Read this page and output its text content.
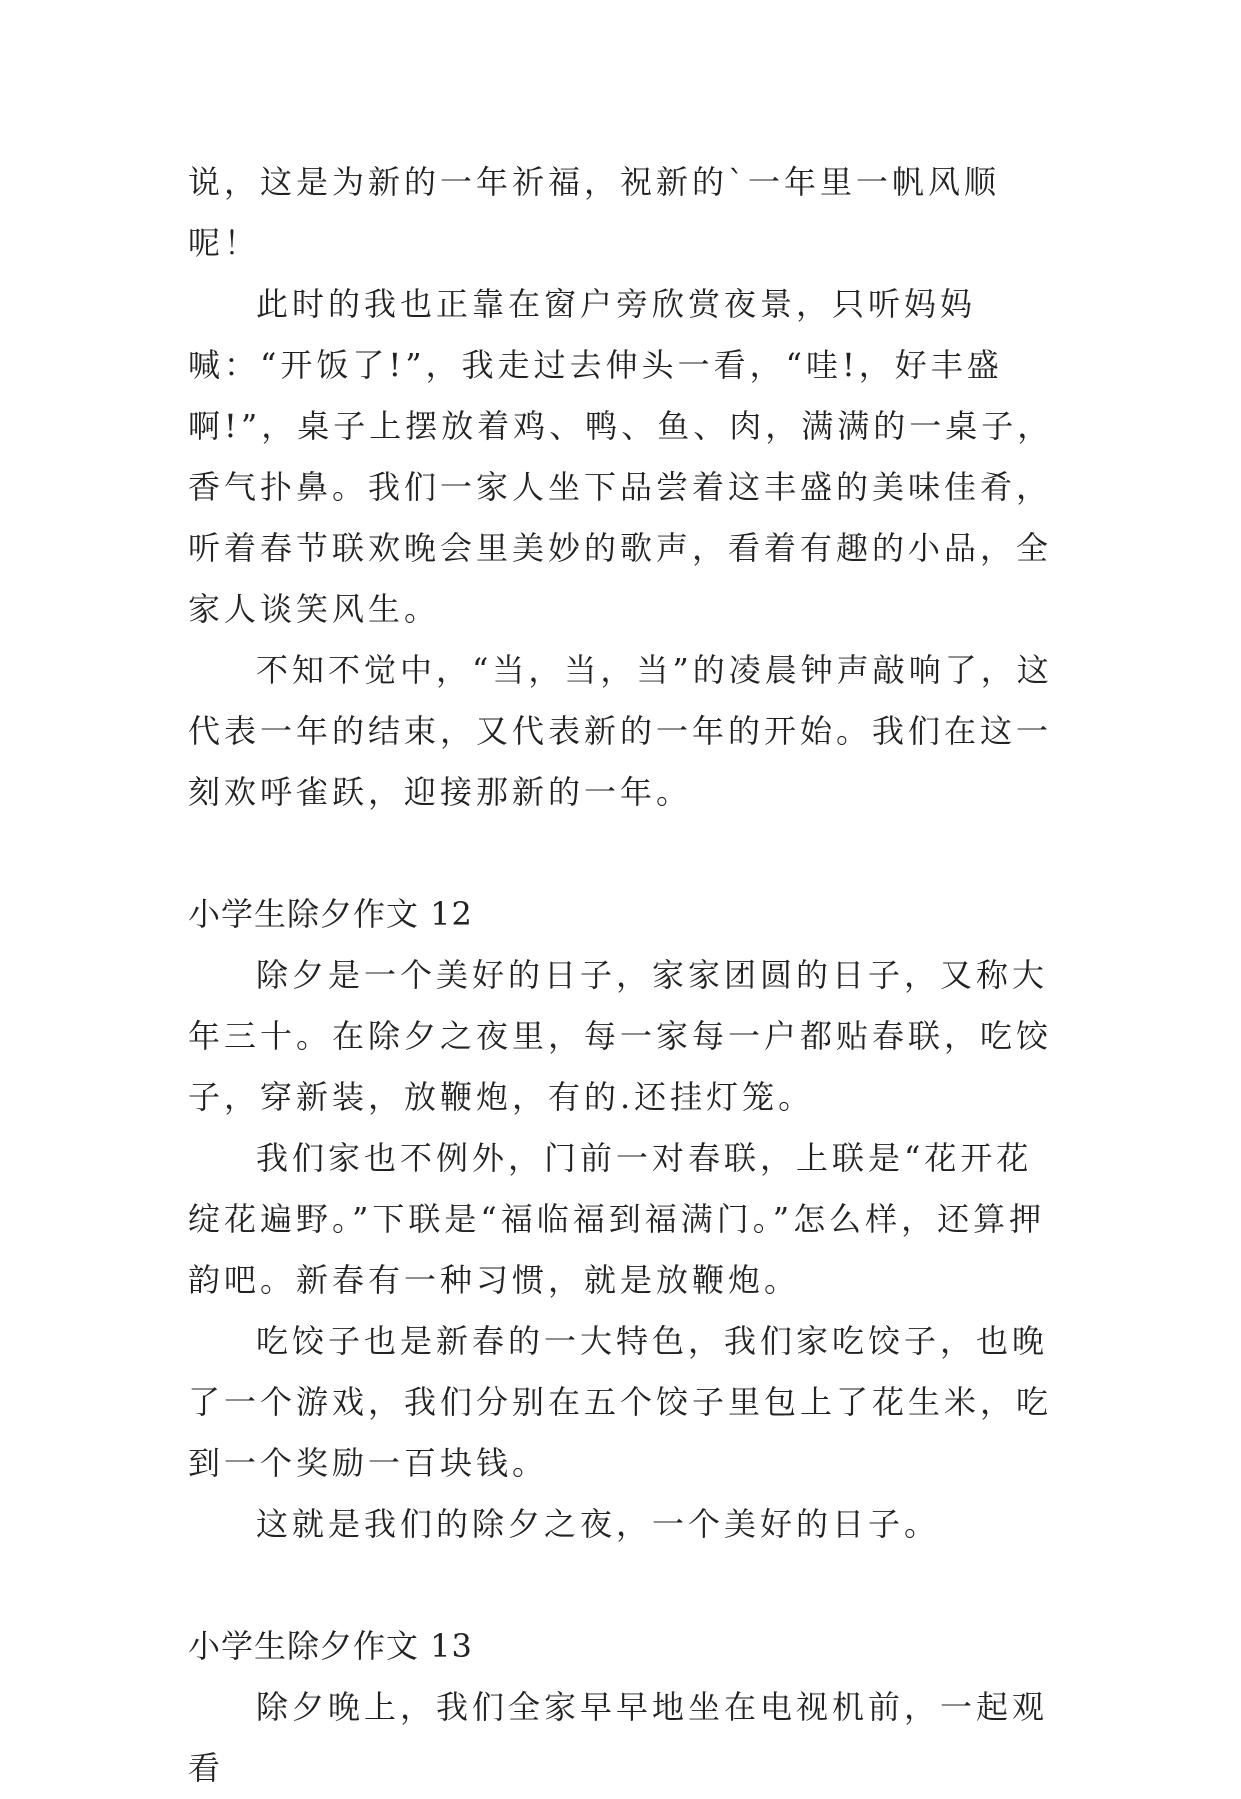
说，这是为新的一年祈福，祝新的`一年里一帆风顺呢！

此时的我也正靠在窗户旁欣赏夜景，只听妈妈喊：“开饭了!”，我走过去伸头一看，“哇!，好丰盛啊!”，桌子上摆放着鸡、鸭、鱼、肉，满满的一桌子，香气扑鼻。我们一家人坐下品尝着这丰盛的美味佳肴，听着春节联欢晚会里美妙的歌声，看着有趣的小品，全家人谈笑风生。

不知不觉中，“当，当，当”的凌晨钟声敲响了，这代表一年的结束，又代表新的一年的开始。我们在这一刻欢呼雀跃，迎接那新的一年。

小学生除夕作文 12

除夕是一个美好的日子，家家团圆的日子，又称大年三十。在除夕之夜里，每一家每一户都贴春联，吃饺子，穿新装，放鞭炮，有的.还挂灯笼。

我们家也不例外，门前一对春联，上联是“花开花绽花遍野。”下联是“福临福到福满门。”怎么样，还算押韵吧。新春有一种习惯，就是放鞭炮。

吃饺子也是新春的一大特色，我们家吃饺子，也晚了一个游戏，我们分别在五个饺子里包上了花生米，吃到一个奖励一百块钱。

这就是我们的除夕之夜，一个美好的日子。

小学生除夕作文 13

除夕晚上，我们全家早早地坐在电视机前，一起观看
